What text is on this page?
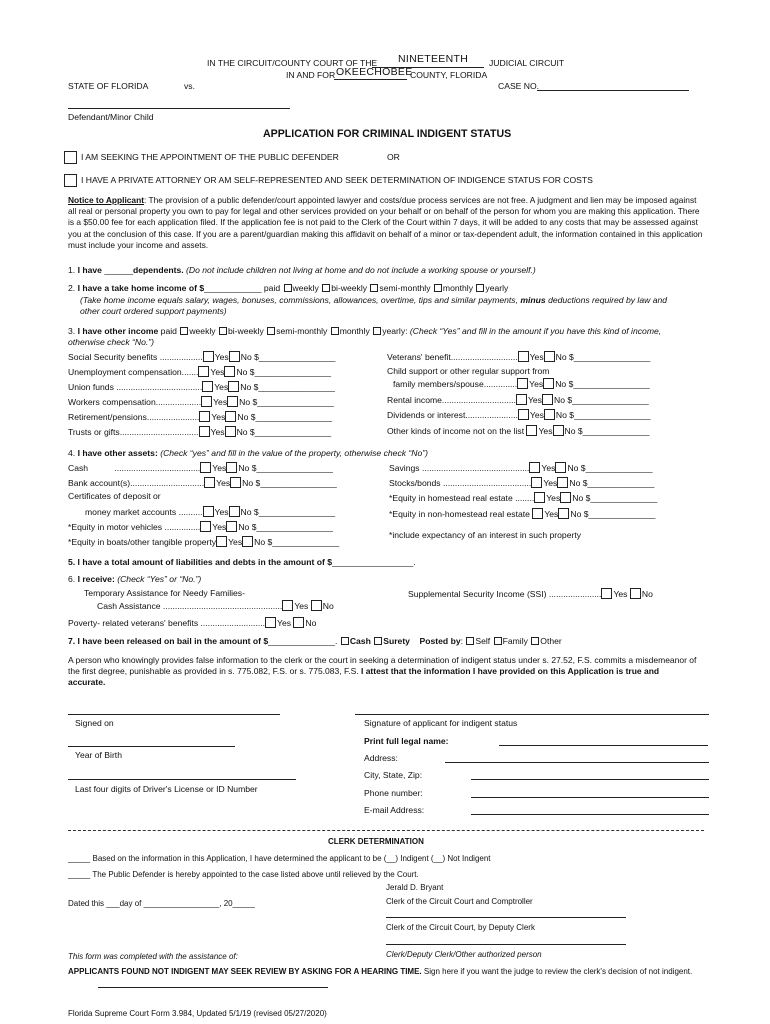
IN THE CIRCUIT/COUNTY COURT OF THE NINETEENTH JUDICIAL CIRCUIT
IN AND FOR OKEECHOBEE
COUNTY, FLORIDA
STATE OF FLORIDA	vs.	CASE NO.
Defendant/Minor Child
APPLICATION FOR CRIMINAL INDIGENT STATUS
I AM SEEKING THE APPOINTMENT OF THE PUBLIC DEFENDER	OR
I HAVE A PRIVATE ATTORNEY OR AM SELF-REPRESENTED AND SEEK DETERMINATION OF INDIGENCE STATUS FOR COSTS
Notice to Applicant: The provision of a public defender/court appointed lawyer and costs/due process services are not free. A judgment and lien may be imposed against all real or personal property you own to pay for legal and other services provided on your behalf or on behalf of the person for whom you are making this application. There is a $50.00 fee for each application filed. If the application fee is not paid to the Clerk of the Court within 7 days, it will be added to any costs that may be assessed against you at the conclusion of this case. If you are a parent/guardian making this affidavit on behalf of a minor or tax-dependent adult, the information contained in this application must include your income and assets.
1. I have ______dependents. (Do not include children not living at home and do not include a working spouse or yourself.)
2. I have a take home income of $____________ paid weekly bi-weekly semi-monthly monthly yearly
(Take home income equals salary, wages, bonuses, commissions, allowances, overtime, tips and similar payments, minus deductions required by law and
other court ordered support payments)
3. I have other income paid weekly bi-weekly semi-monthly monthly yearly: (Check “Yes” and fill in the amount if you have this kind of income,
otherwise check “No.”)
Social Security benefits .................. Yes No $________________
Unemployment compensation....... Yes No $________________
Union funds .................................... Yes No $________________
Workers compensation................... Yes No $________________
Retirement/pensions...................... Yes No $________________
Trusts or gifts................................. Yes No $________________
Veterans' benefit............................ Yes No $________________
Child support or other regular support from
family members/spouse.............. Yes No $________________
Rental income............................... Yes No $________________
Dividends or interest...................... Yes No $________________
Other kinds of income not on the list Yes No $______________
4. I have other assets: (Check “yes” and fill in the value of the property, otherwise check “No”)
Cash	.................................... Yes No $________________
Bank account(s)............................... Yes No $________________
Certificates of deposit or
money market accounts .......... Yes No $________________
*Equity in motor vehicles ............... Yes No $________________
*Equity in boats/other tangible property Yes No $______________
Savings ............................................. Yes No $______________
Stocks/bonds ..................................... Yes No $______________
*Equity in homestead real estate ........ Yes No $______________
*Equity in non-homestead real estate Yes No $______________
*include expectancy of an interest in such property
5. I have a total amount of liabilities and debts in the amount of $_________________.
6. I receive: (Check “Yes” or “No.”)
Temporary Assistance for Needy Families-
Cash Assistance .................................................. Yes No
Supplemental Security Income (SSI) ...................... Yes No
Poverty- related veterans' benefits ........................... Yes No
7. I have been released on bail in the amount of $______________. Cash Surety Posted by: Self Family Other
A person who knowingly provides false information to the clerk or the court in seeking a determination of indigent status under s. 27.52, F.S. commits a misdemeanor of the first degree, punishable as provided in s. 775.082, F.S. or s. 775.083, F.S. I attest that the information I have provided on this Application is true and accurate.
Signed on
Year of Birth
Last four digits of Driver's License or ID Number
Signature of applicant for indigent status
Print full legal name:
Address:
City, State, Zip:
Phone number:
E-mail Address:
CLERK DETERMINATION
_____ Based on the information in this Application, I have determined the applicant to be (__) Indigent (__) Not Indigent
_____ The Public Defender is hereby appointed to the case listed above until relieved by the Court.
Jerald D. Bryant
Clerk of the Circuit Court and Comptroller
Dated this ___day of _________________, 20_____
Clerk of the Circuit Court, by Deputy Clerk
Clerk/Deputy Clerk/Other authorized person
This form was completed with the assistance of:
APPLICANTS FOUND NOT INDIGENT MAY SEEK REVIEW BY ASKING FOR A HEARING TIME. Sign here if you want the judge to review the clerk's decision of not indigent.
Florida Supreme Court Form 3.984, Updated 5/1/19 (revised 05/27/2020)
